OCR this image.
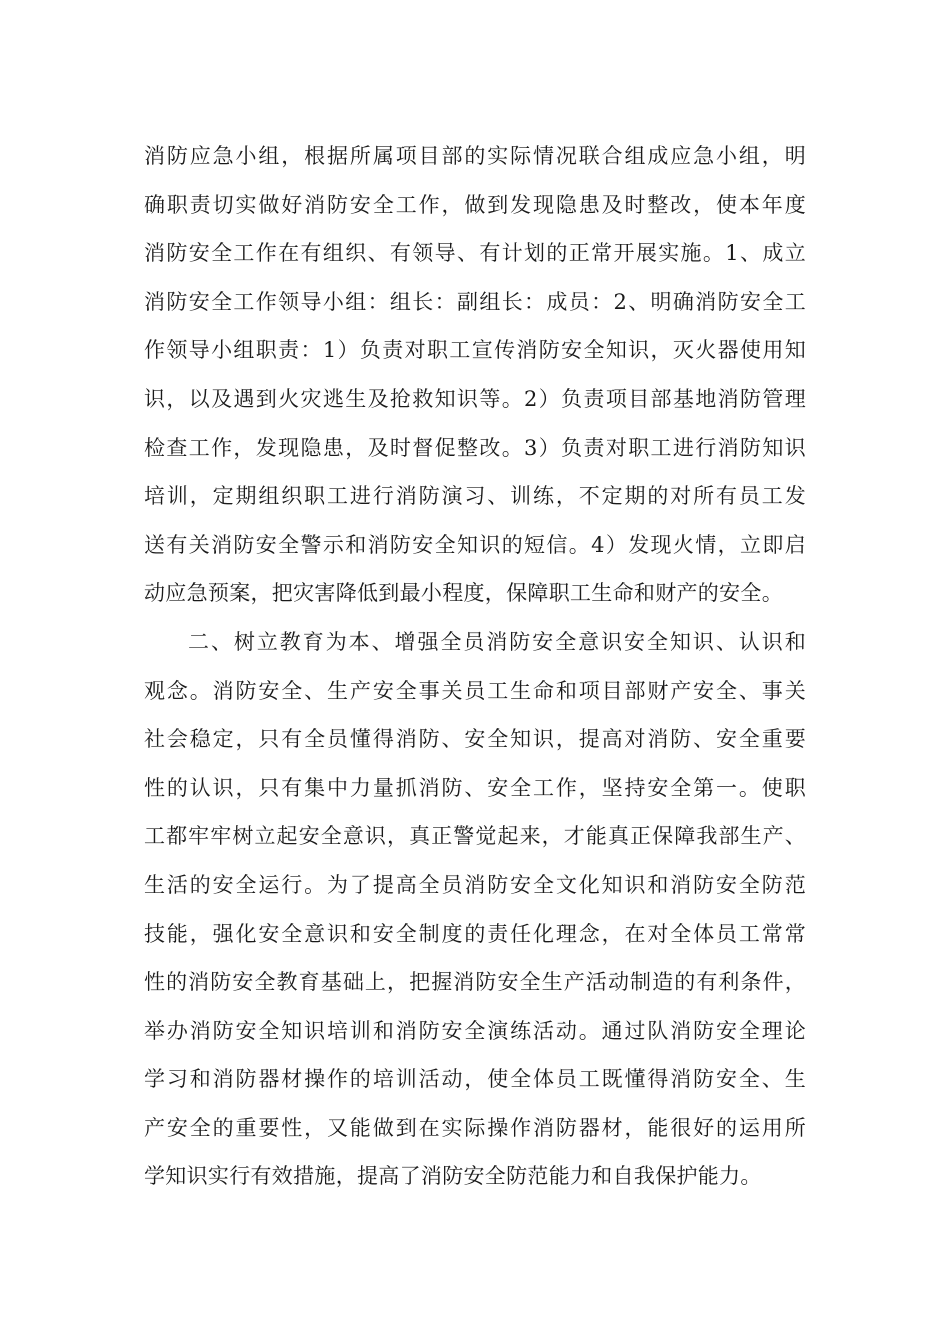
消防应急小组，根据所属项目部的实际情况联合组成应急小组，明
确职责切实做好消防安全工作，做到发现隐患及时整改，使本年度
消防安全工作在有组织、有领导、有计划的正常开展实施。1、成立
消防安全工作领导小组：组长：副组长：成员：2、明确消防安全工
作领导小组职责：1）负责对职工宣传消防安全知识，灭火器使用知
识，以及遇到火灾逃生及抢救知识等。2）负责项目部基地消防管理
检查工作，发现隐患，及时督促整改。3）负责对职工进行消防知识
培训，定期组织职工进行消防演习、训练，不定期的对所有员工发
送有关消防安全警示和消防安全知识的短信。4）发现火情，立即启
动应急预案，把灾害降低到最小程度，保障职工生命和财产的安全。
二、树立教育为本、增强全员消防安全意识安全知识、认识和
观念。消防安全、生产安全事关员工生命和项目部财产安全、事关
社会稳定，只有全员懂得消防、安全知识，提高对消防、安全重要
性的认识，只有集中力量抓消防、安全工作，坚持安全第一。使职
工都牢牢树立起安全意识，真正警觉起来，才能真正保障我部生产、
生活的安全运行。为了提高全员消防安全文化知识和消防安全防范
技能，强化安全意识和安全制度的责任化理念，在对全体员工常常
性的消防安全教育基础上，把握消防安全生产活动制造的有利条件，
举办消防安全知识培训和消防安全演练活动。通过队消防安全理论
学习和消防器材操作的培训活动，使全体员工既懂得消防安全、生
产安全的重要性，又能做到在实际操作消防器材，能很好的运用所
学知识实行有效措施，提高了消防安全防范能力和自我保护能力。
